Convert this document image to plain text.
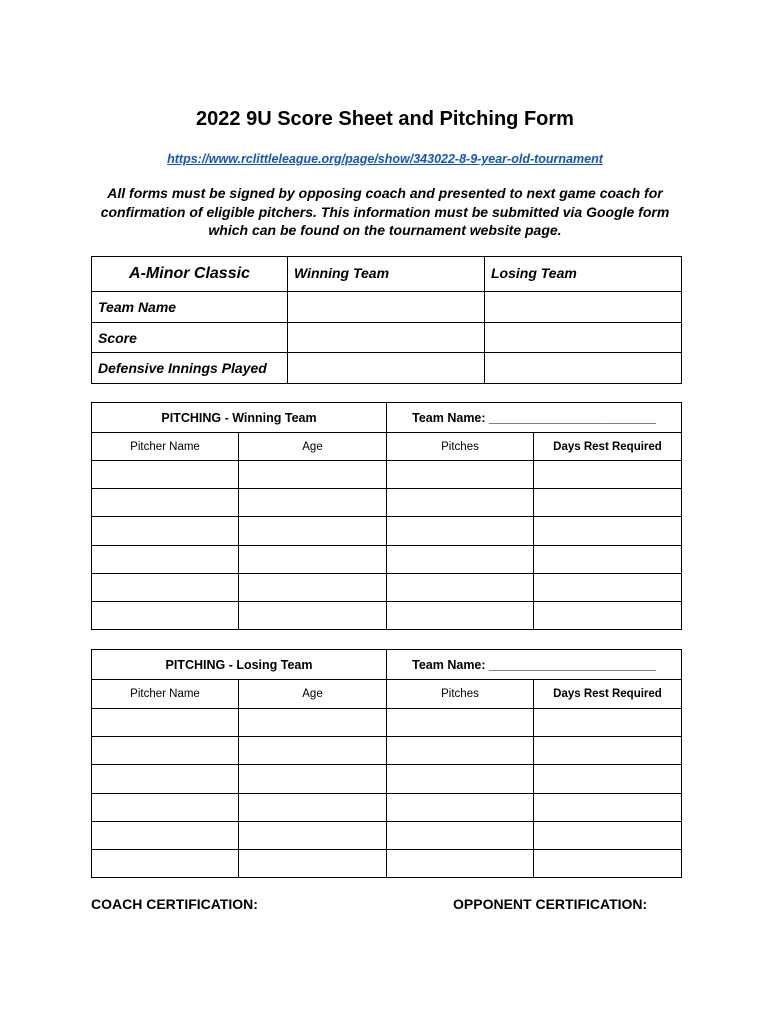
2022 9U Score Sheet and Pitching Form
https://www.rclittleleague.org/page/show/343022-8-9-year-old-tournament
All forms must be signed by opposing coach and presented to next game coach for confirmation of eligible pitchers. This information must be submitted via Google form which can be found on the tournament website page.
A-Minor Classic	Winning Team	Losing Team
Team Name		
Score		
Defensive Innings Played		
PITCHING - Winning Team		Team Name: ________________________	
Pitcher Name	Age	Pitches	Days Rest Required

PITCHING - Losing Team		Team Name: ________________________	
Pitcher Name	Age	Pitches	Days Rest Required

COACH CERTIFICATION:	OPPONENT CERTIFICATION:
